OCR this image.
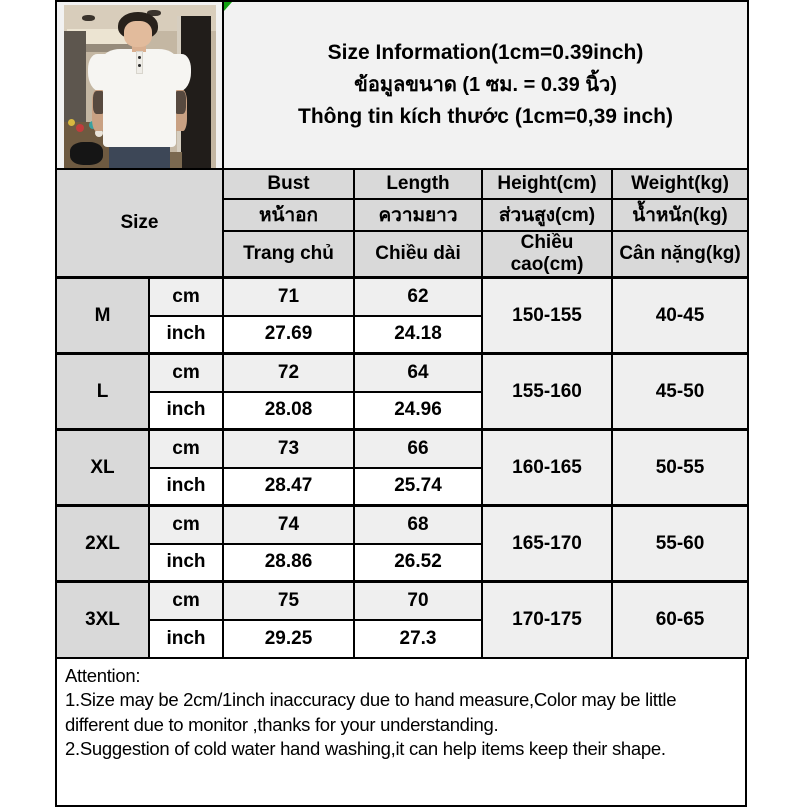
		Size Information(1cm=0.39inch)
ข้อมูลขนาด (1 ซม. = 0.39 นิ้ว)
Thông tin kích thước (1cm=0,39 inch)			

Size		Bust	Length	Height(cm)	Weight(kg)
		หน้าอก	ความยาว	ส่วนสูง(cm)	น้ำหนัก(kg)
		Trang chủ	Chiều dài	Chiều cao(cm)	Cân nặng(kg)
M	cm	71	62	150-155	40-45
	inch	27.69	24.18		
L	cm	72	64	155-160	45-50
	inch	28.08	24.96		
XL	cm	73	66	160-165	50-55
	inch	28.47	25.74		
2XL	cm	74	68	165-170	55-60
	inch	28.86	26.52		
3XL	cm	75	70	170-175	60-65
	inch	29.25	27.3		
Attention:
1.Size may be 2cm/1inch inaccuracy due to hand measure,Color may be little different due to monitor ,thanks for your understanding.
2.Suggestion of cold water hand washing,it can help items keep their shape.
